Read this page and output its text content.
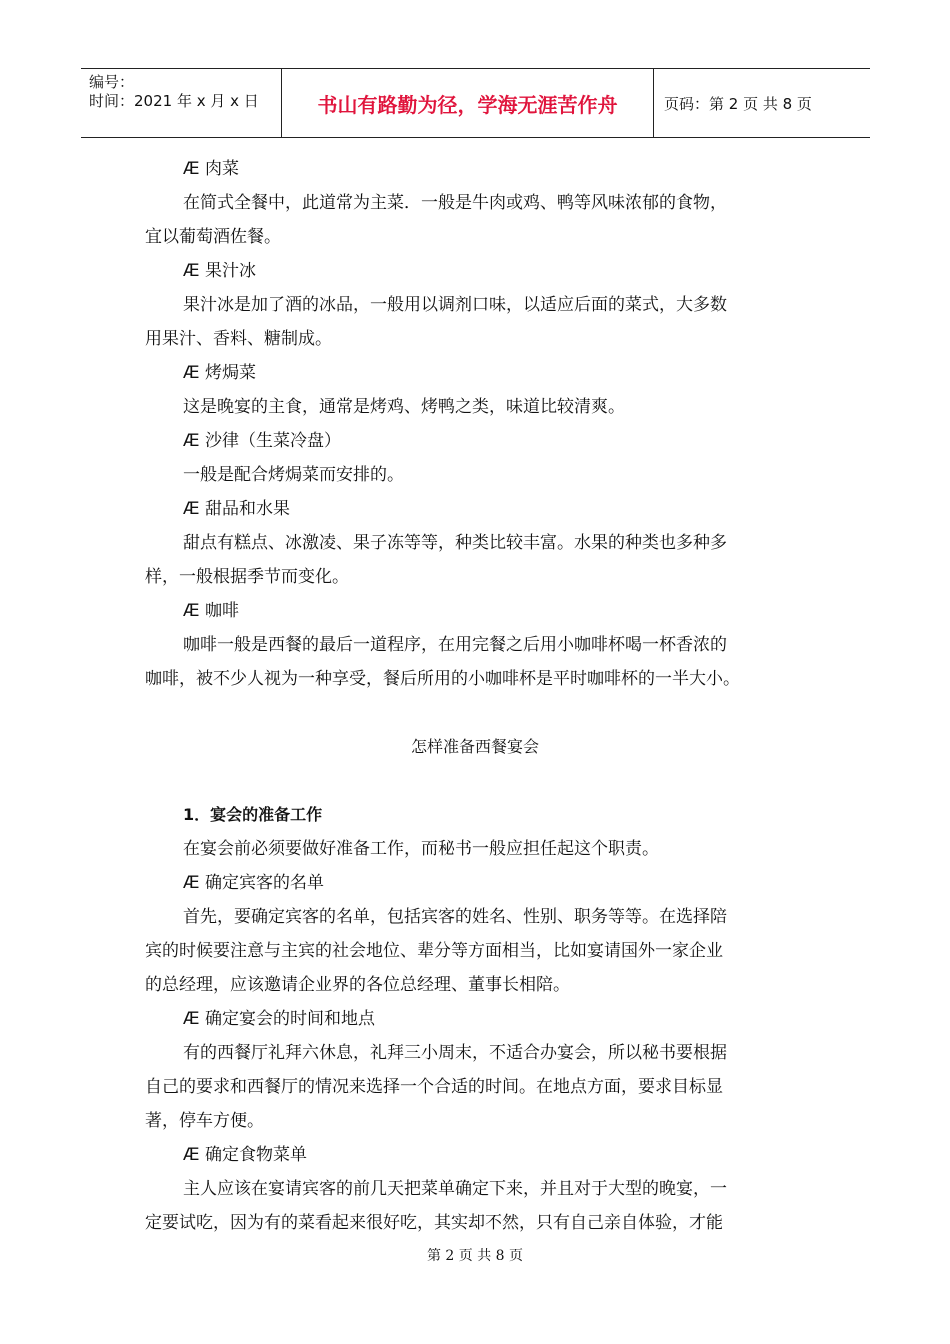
编号：
时间：2021 年 x 月 x 日	书山有路勤为径，学海无涯苦作舟	页码：第 2 页 共 8 页
Æ 肉菜
在简式全餐中，此道常为主菜．一般是牛肉或鸡、鸭等风味浓郁的食物，
宜以葡萄酒佐餐。
Æ 果汁冰
果汁冰是加了酒的冰品，一般用以调剂口味，以适应后面的菜式，大多数
用果汁、香料、糖制成。
Æ 烤焗菜
这是晚宴的主食，通常是烤鸡、烤鸭之类，味道比较清爽。
Æ 沙律（生菜冷盘）
一般是配合烤焗菜而安排的。
Æ 甜品和水果
甜点有糕点、冰激凌、果子冻等等，种类比较丰富。水果的种类也多种多
样，一般根据季节而变化。
Æ 咖啡
咖啡一般是西餐的最后一道程序，在用完餐之后用小咖啡杯喝一杯香浓的
咖啡，被不少人视为一种享受，餐后所用的小咖啡杯是平时咖啡杯的一半大小。
怎样准备西餐宴会
1．宴会的准备工作
在宴会前必须要做好准备工作，而秘书一般应担任起这个职责。
Æ 确定宾客的名单
首先，要确定宾客的名单，包括宾客的姓名、性别、职务等等。在选择陪
宾的时候要注意与主宾的社会地位、辈分等方面相当，比如宴请国外一家企业
的总经理，应该邀请企业界的各位总经理、董事长相陪。
Æ 确定宴会的时间和地点
有的西餐厅礼拜六休息，礼拜三小周末，不适合办宴会，所以秘书要根据
自己的要求和西餐厅的情况来选择一个合适的时间。在地点方面，要求目标显
著，停车方便。
Æ 确定食物菜单
主人应该在宴请宾客的前几天把菜单确定下来，并且对于大型的晚宴，一
定要试吃，因为有的菜看起来很好吃，其实却不然，只有自己亲自体验，才能
第 2 页 共 8 页
